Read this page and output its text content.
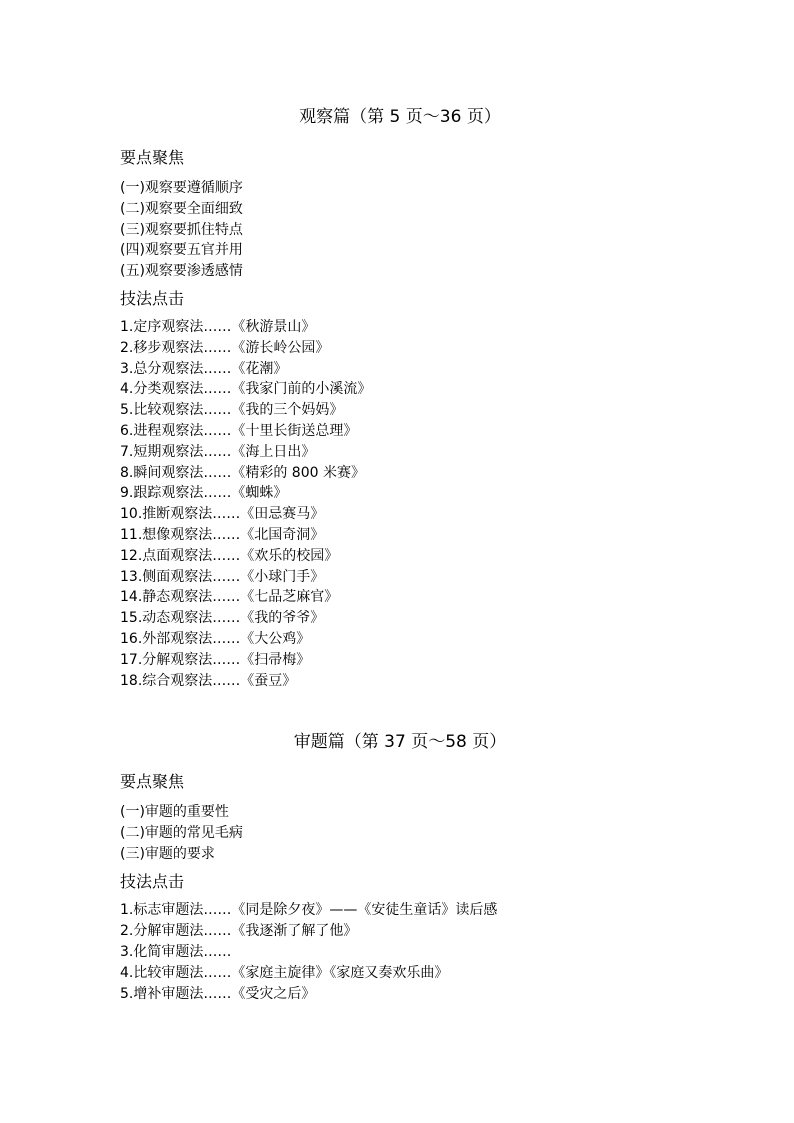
观察篇（第 5 页～36 页）
要点聚焦
(一)观察要遵循顺序
(二)观察要全面细致
(三)观察要抓住特点
(四)观察要五官并用
(五)观察要渗透感情
技法点击
1.定序观察法……《秋游景山》
2.移步观察法……《游长岭公园》
3.总分观察法……《花潮》
4.分类观察法……《我家门前的小溪流》
5.比较观察法……《我的三个妈妈》
6.进程观察法……《十里长街送总理》
7.短期观察法……《海上日出》
8.瞬间观察法……《精彩的 800 米赛》
9.跟踪观察法……《蜘蛛》
10.推断观察法……《田忌赛马》
11.想像观察法……《北国奇洞》
12.点面观察法……《欢乐的校园》
13.侧面观察法……《小球门手》
14.静态观察法……《七品芝麻官》
15.动态观察法……《我的爷爷》
16.外部观察法……《大公鸡》
17.分解观察法……《扫帚梅》
18.综合观察法……《蚕豆》
审题篇（第 37 页～58 页）
要点聚焦
(一)审题的重要性
(二)审题的常见毛病
(三)审题的要求
技法点击
1.标志审题法……《同是除夕夜》——《安徒生童话》读后感
2.分解审题法……《我逐渐了解了他》
3.化简审题法……
4.比较审题法……《家庭主旋律》《家庭又奏欢乐曲》
5.增补审题法……《受灾之后》
